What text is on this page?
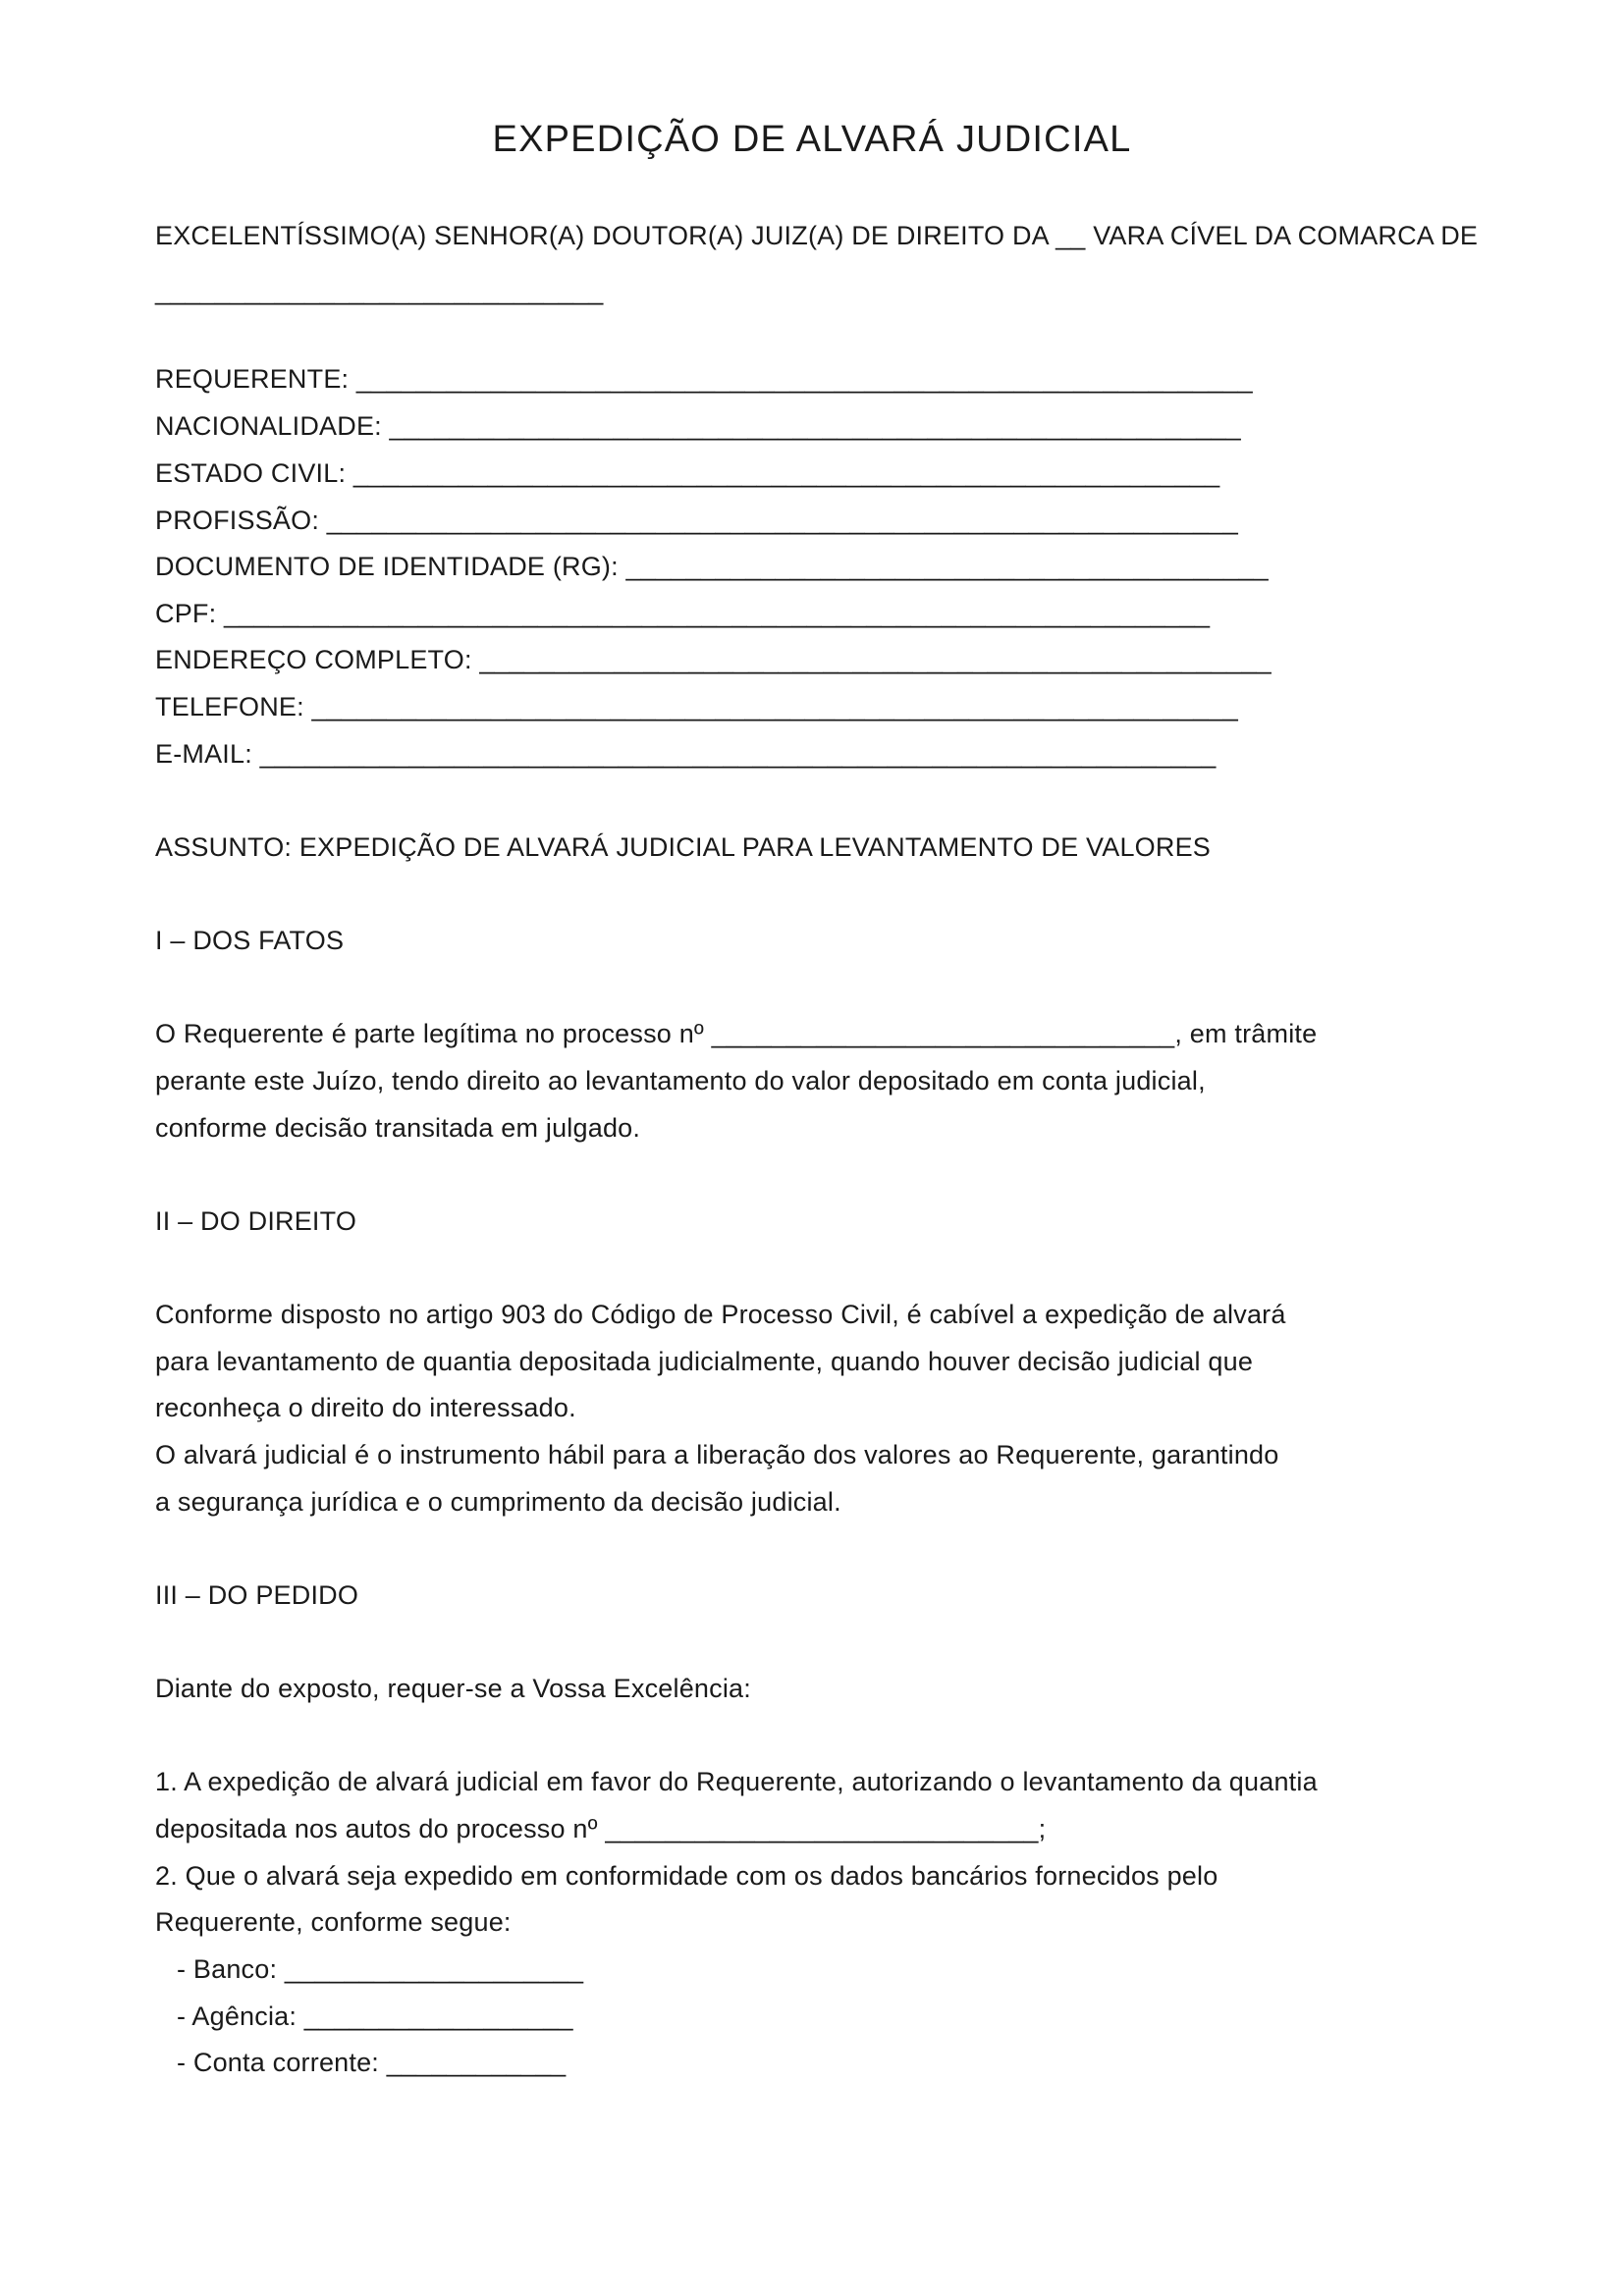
EXPEDIÇÃO DE ALVARÁ JUDICIAL
EXCELENTÍSSIMO(A) SENHOR(A) DOUTOR(A) JUIZ(A) DE DIREITO DA __ VARA CÍVEL DA COMARCA DE
______________________________
REQUERENTE: ____________________________________________________________
NACIONALIDADE: _________________________________________________________
ESTADO CIVIL: __________________________________________________________
PROFISSÃO: _____________________________________________________________
DOCUMENTO DE IDENTIDADE (RG): ___________________________________________
CPF: __________________________________________________________________
ENDEREÇO COMPLETO: _____________________________________________________
TELEFONE: ______________________________________________________________
E-MAIL: ________________________________________________________________
ASSUNTO: EXPEDIÇÃO DE ALVARÁ JUDICIAL PARA LEVANTAMENTO DE VALORES
I – DOS FATOS
O Requerente é parte legítima no processo nº _______________________________, em trâmite
perante este Juízo, tendo direito ao levantamento do valor depositado em conta judicial,
conforme decisão transitada em julgado.
II – DO DIREITO
Conforme disposto no artigo 903 do Código de Processo Civil, é cabível a expedição de alvará
para levantamento de quantia depositada judicialmente, quando houver decisão judicial que
reconheça o direito do interessado.
O alvará judicial é o instrumento hábil para a liberação dos valores ao Requerente, garantindo
a segurança jurídica e o cumprimento da decisão judicial.
III – DO PEDIDO
Diante do exposto, requer-se a Vossa Excelência:
1. A expedição de alvará judicial em favor do Requerente, autorizando o levantamento da quantia
depositada nos autos do processo nº _____________________________;
2. Que o alvará seja expedido em conformidade com os dados bancários fornecidos pelo
Requerente, conforme segue:
- Banco: ____________________
- Agência: __________________
- Conta corrente: ____________
